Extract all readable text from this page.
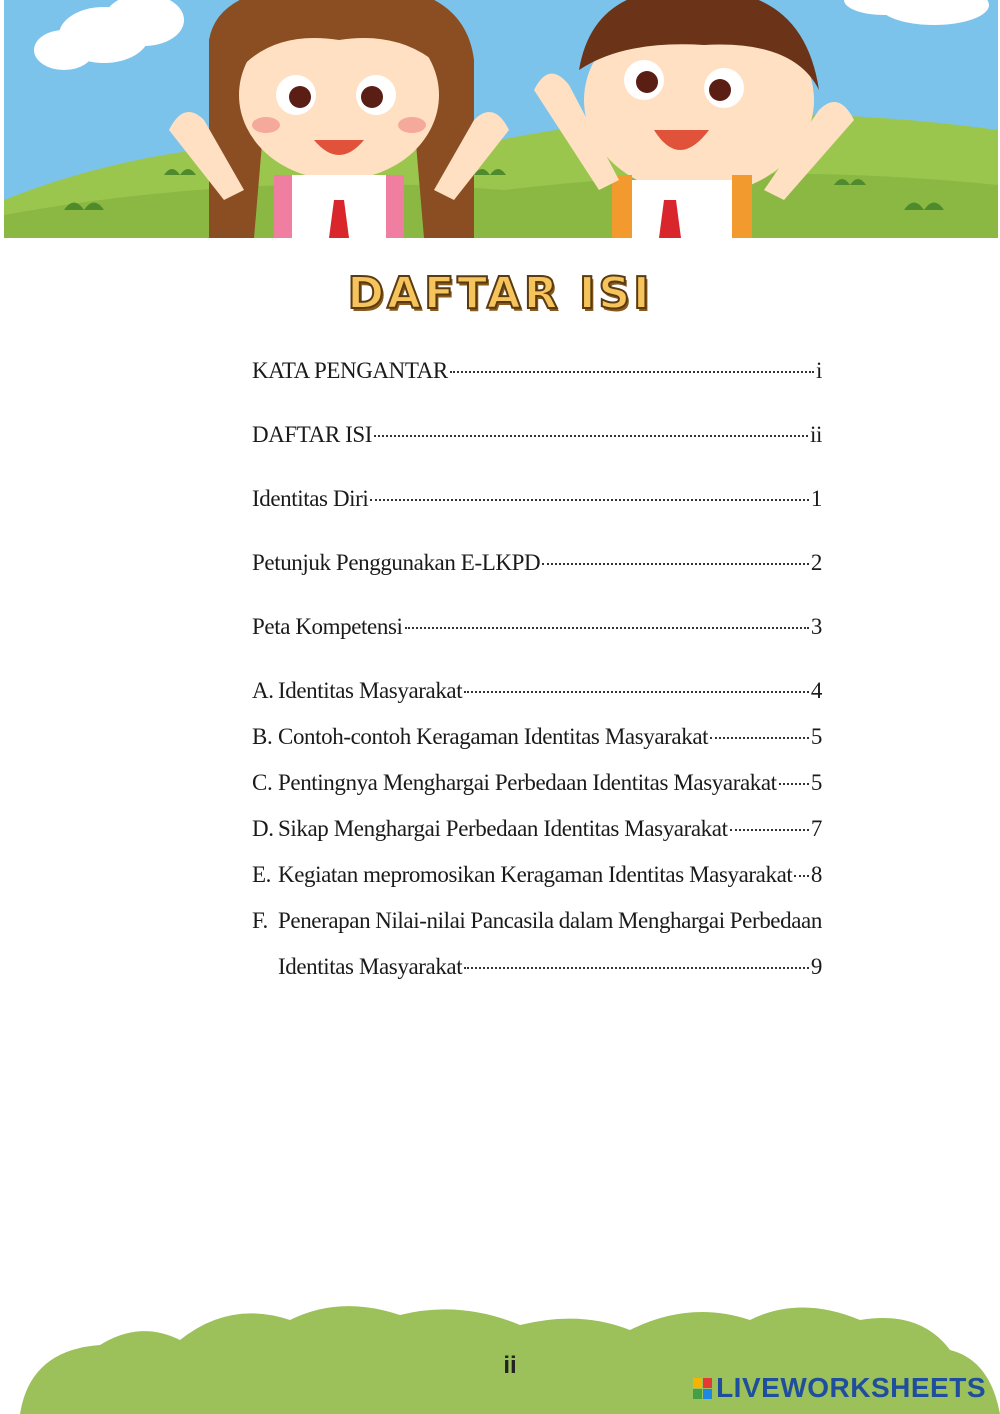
DAFTAR ISI
KATA PENGANTAR	i
DAFTAR ISI	ii
Identitas Diri	1
Petunjuk Penggunakan E-LKPD	2
Peta Kompetensi	3
A. Identitas Masyarakat	4
B. Contoh-contoh Keragaman Identitas Masyarakat	5
C. Pentingnya Menghargai Perbedaan Identitas Masyarakat 5
D. Sikap Menghargai Perbedaan Identitas Masyarakat	7
E. Kegiatan mepromosikan Keragaman Identitas Masyarakat 8
F. Penerapan Nilai-nilai Pancasila dalam Menghargai Perbedaan
Identitas Masyarakat	9
ii
LIVEWORKSHEETS
